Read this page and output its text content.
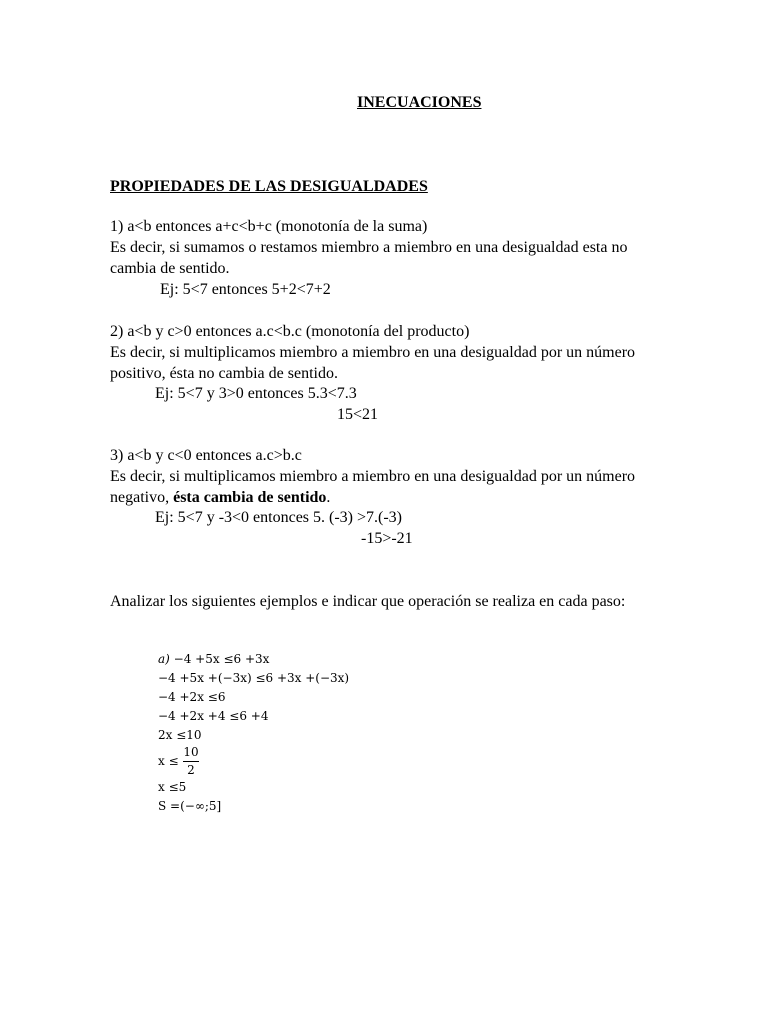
INECUACIONES
PROPIEDADES DE LAS DESIGUALDADES
1) a<b entonces a+c<b+c (monotonía de la suma)
Es decir, si sumamos o restamos miembro a miembro en una desigualdad esta no
cambia de sentido.
Ej: 5<7 entonces 5+2<7+2
2) a<b y c>0 entonces a.c<b.c (monotonía del producto)
Es decir, si multiplicamos miembro a miembro en una desigualdad por un número
positivo, ésta no cambia de sentido.
Ej: 5<7 y 3>0 entonces 5.3<7.3
15<21
3) a<b y c<0 entonces a.c>b.c
Es decir, si multiplicamos miembro a miembro en una desigualdad por un número
negativo, ésta cambia de sentido.
Ej: 5<7 y -3<0 entonces 5. (-3) >7.(-3)
-15>-21
Analizar los siguientes ejemplos e indicar que operación se realiza en cada paso:
a) −4 +5x ≤6 +3x
−4 +5x +(−3x) ≤6 +3x +(−3x)
−4 +2x ≤6
−4 +2x +4 ≤6 +4
2x ≤10
x ≤
10
2
x ≤5
S =(−∞;5]
